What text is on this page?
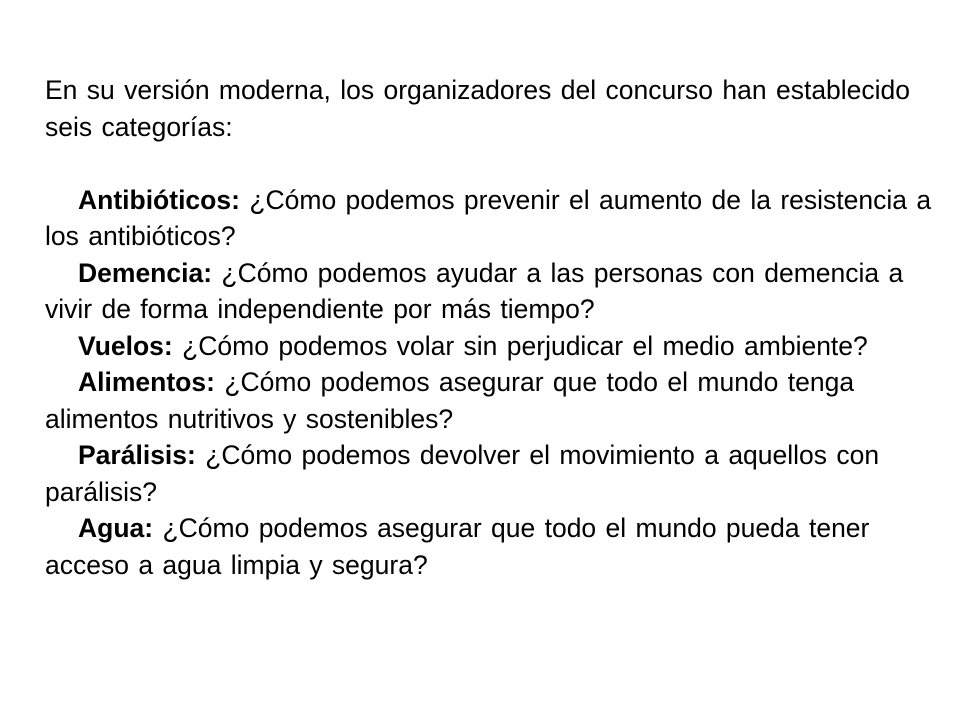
En su versión moderna, los organizadores del concurso han establecido seis categorías:

Antibióticos: ¿Cómo podemos prevenir el aumento de la resistencia a los antibióticos?

Demencia: ¿Cómo podemos ayudar a las personas con demencia a vivir de forma independiente por más tiempo?

Vuelos: ¿Cómo podemos volar sin perjudicar el medio ambiente?

Alimentos: ¿Cómo podemos asegurar que todo el mundo tenga alimentos nutritivos y sostenibles?

Parálisis: ¿Cómo podemos devolver el movimiento a aquellos con parálisis?

Agua: ¿Cómo podemos asegurar que todo el mundo pueda tener acceso a agua limpia y segura?
